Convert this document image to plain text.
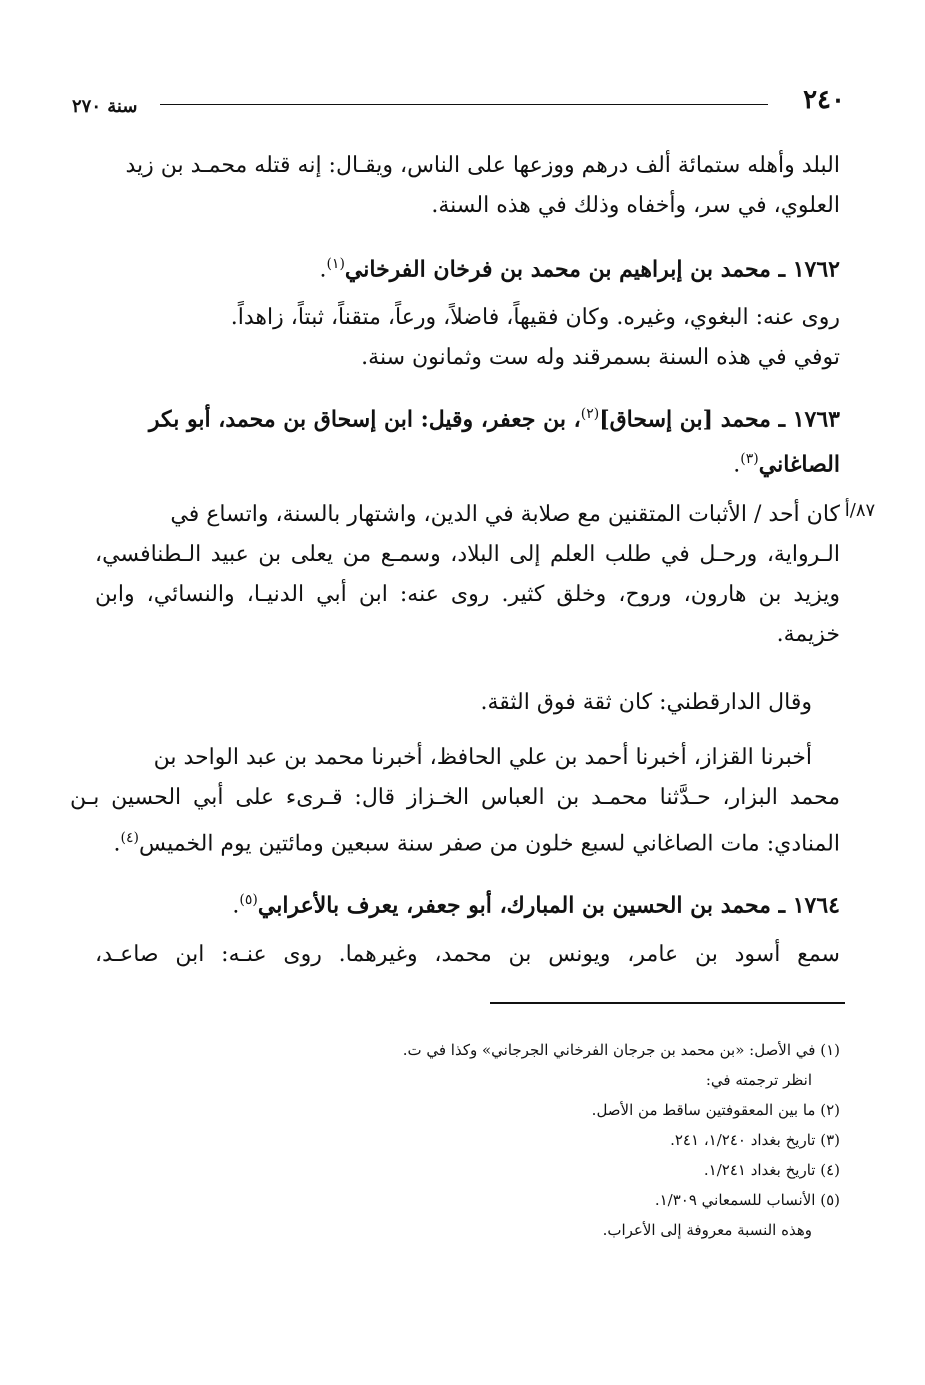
٢٤٠
سنة ٢٧٠

البلد وأهله ستمائة ألف درهم ووزعها على الناس، ويقـال: إنه قتله محمـد بن زيد

العلوي، في سر، وأخفاه وذلك في هذه السنة.

١٧٦٢ ـ محمد بن إبراهيم بن محمد بن فرخان الفرخاني$^{(١)}$.

روى عنه: البغوي، وغيره. وكان فقيهاً، فاضلاً، ورعاً، متقناً، ثبتاً، زاهداً.

توفي في هذه السنة بسمرقند وله ست وثمانون سنة.

١٧٦٣ ـ محمد [بن إسحاق]$^{(٢)}$، بن جعفر، وقيل: ابن إسحاق بن محمد، أبو بكر

الصاغاني$^{(٣)}$.

٨٧/أ

كان أحد / الأثبات المتقنين مع صلابة في الدين، واشتهار بالسنة، واتساع في

الـرواية، ورحـل في طلب العلم إلى البلاد، وسمـع من يعلى بن عبيد الـطنافسي،

ويزيد بن هارون، وروح، وخلق كثير. روى عنه: ابن أبي الدنيـا، والنسائي، وابن

خزيمة.

وقال الدارقطني: كان ثقة فوق الثقة.

أخبرنا القزاز، أخبرنا أحمد بن علي الحافظ، أخبرنا محمد بن عبد الواحد بن

محمد البزار، حـدَّثنا محمـد بن العباس الخـزاز قال: قـرىء على أبي الحسين بـن

المنادي: مات الصاغاني لسبع خلون من صفر سنة سبعين ومائتين يوم الخميس$^{(٤)}$.

١٧٦٤ ـ محمد بن الحسين بن المبارك، أبو جعفر، يعرف بالأعرابي$^{(٥)}$.

سمع أسود بن عامر، ويونس بن محمد، وغيرهما. روى عنـه: ابن صاعـد،

(١) في الأصل: «بن محمد بن جرجان الفرخاني الجرجاني» وكذا في ت.

انظر ترجمته في:

(٢) ما بين المعقوفتين ساقط من الأصل.

(٣) تاريخ بغداد ١/٢٤٠، ٢٤١.

(٤) تاريخ بغداد ١/٢٤١.

(٥) الأنساب للسمعاني ١/٣٠٩.

وهذه النسبة معروفة إلى الأعراب.
